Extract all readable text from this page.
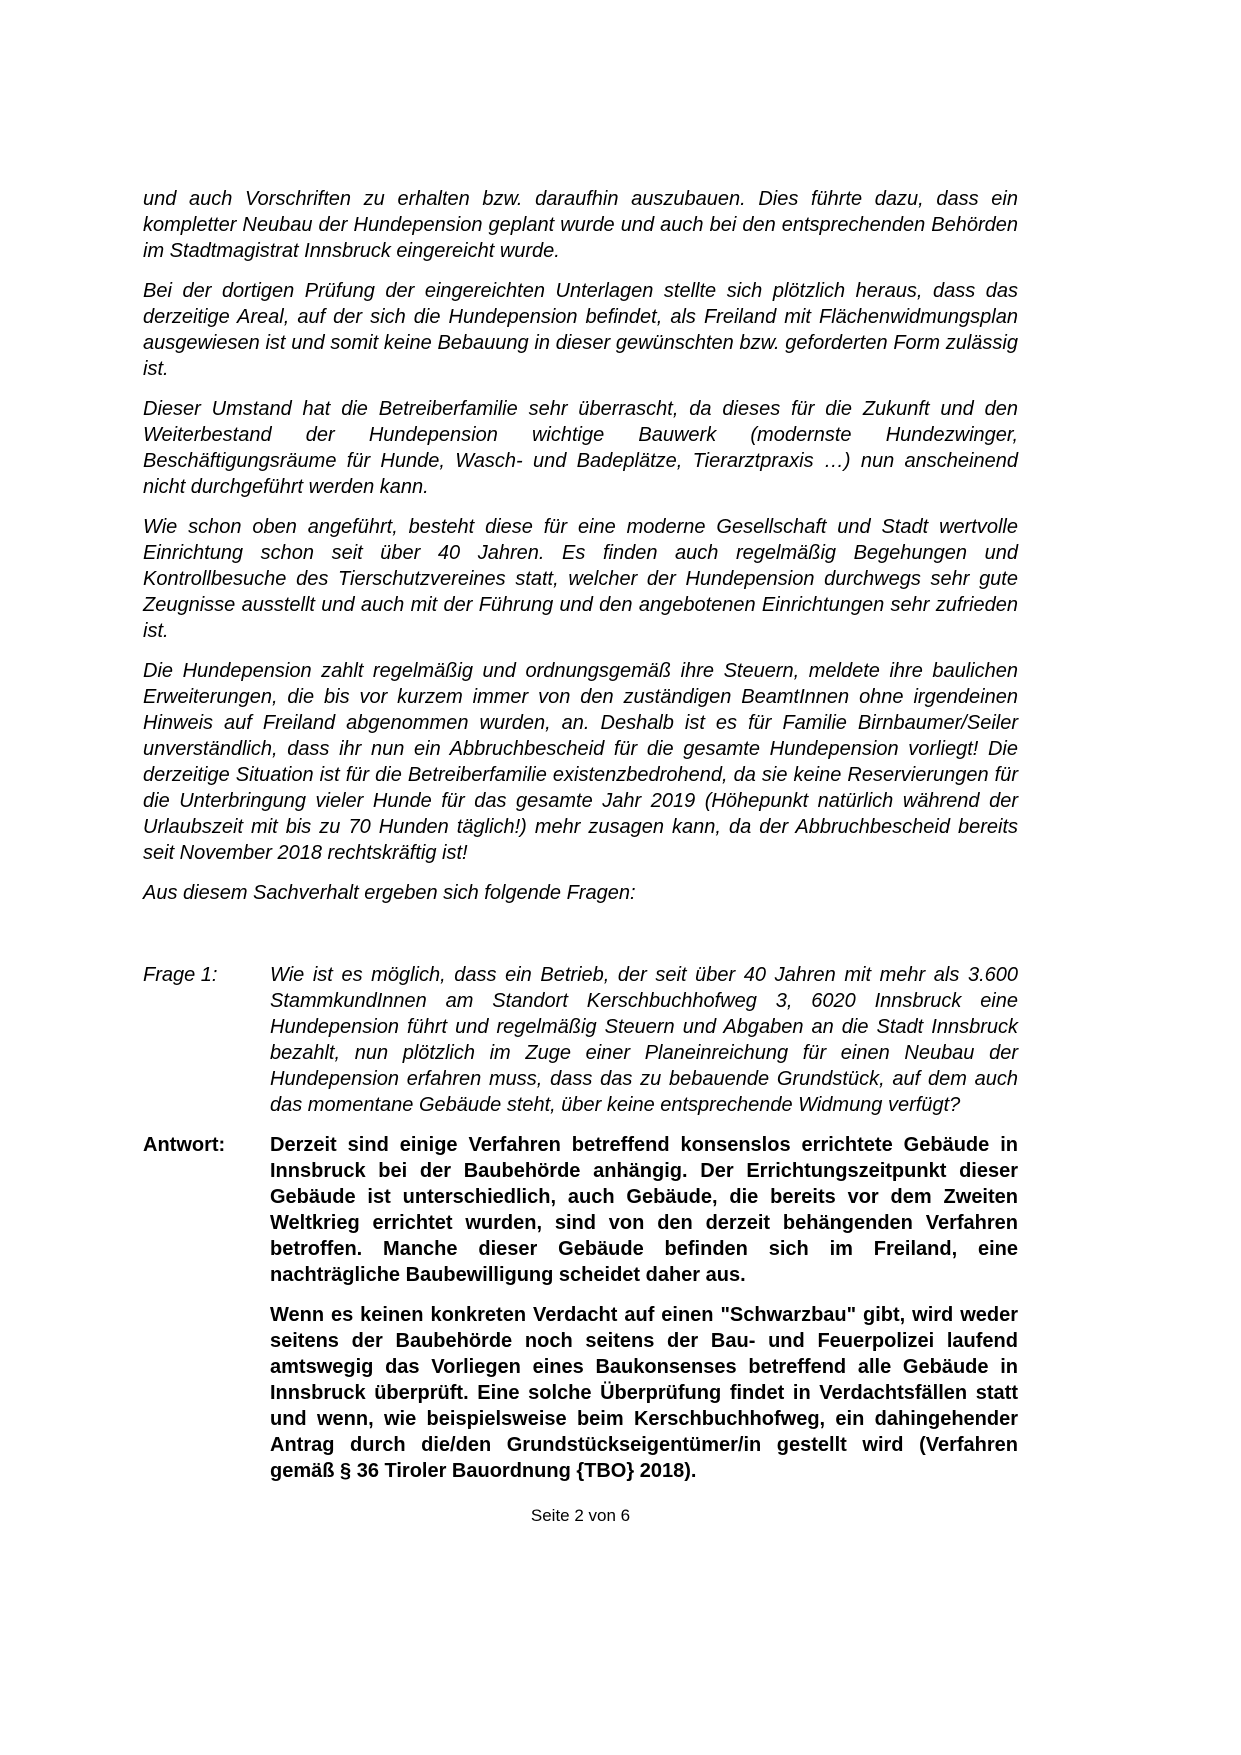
und auch Vorschriften zu erhalten bzw. daraufhin auszubauen. Dies führte dazu, dass ein kompletter Neubau der Hundepension geplant wurde und auch bei den entsprechenden Behörden im Stadtmagistrat Innsbruck eingereicht wurde.

Bei der dortigen Prüfung der eingereichten Unterlagen stellte sich plötzlich heraus, dass das derzeitige Areal, auf der sich die Hundepension befindet, als Freiland mit Flächenwidmungsplan ausgewiesen ist und somit keine Bebauung in dieser gewünschten bzw. geforderten Form zulässig ist.

Dieser Umstand hat die Betreiberfamilie sehr überrascht, da dieses für die Zukunft und den Weiterbestand der Hundepension wichtige Bauwerk (modernste Hundezwinger, Beschäftigungsräume für Hunde, Wasch- und Badeplätze, Tierarztpraxis …) nun anscheinend nicht durchgeführt werden kann.

Wie schon oben angeführt, besteht diese für eine moderne Gesellschaft und Stadt wertvolle Einrichtung schon seit über 40 Jahren. Es finden auch regelmäßig Begehungen und Kontrollbesuche des Tierschutzvereines statt, welcher der Hundepension durchwegs sehr gute Zeugnisse ausstellt und auch mit der Führung und den angebotenen Einrichtungen sehr zufrieden ist.

Die Hundepension zahlt regelmäßig und ordnungsgemäß ihre Steuern, meldete ihre baulichen Erweiterungen, die bis vor kurzem immer von den zuständigen BeamtInnen ohne irgendeinen Hinweis auf Freiland abgenommen wurden, an. Deshalb ist es für Familie Birnbaumer/Seiler unverständlich, dass ihr nun ein Abbruchbescheid für die gesamte Hundepension vorliegt! Die derzeitige Situation ist für die Betreiberfamilie existenzbedrohend, da sie keine Reservierungen für die Unterbringung vieler Hunde für das gesamte Jahr 2019 (Höhepunkt natürlich während der Urlaubszeit mit bis zu 70 Hunden täglich!) mehr zusagen kann, da der Abbruchbescheid bereits seit November 2018 rechtskräftig ist!

Aus diesem Sachverhalt ergeben sich folgende Fragen:

Frage 1:	Wie ist es möglich, dass ein Betrieb, der seit über 40 Jahren mit mehr als 3.600 StammkundInnen am Standort Kerschbuchhofweg 3, 6020 Innsbruck eine Hundepension führt und regelmäßig Steuern und Abgaben an die Stadt Innsbruck bezahlt, nun plötzlich im Zuge einer Planeinreichung für einen Neubau der Hundepension erfahren muss, dass das zu bebauende Grundstück, auf dem auch das momentane Gebäude steht, über keine entsprechende Widmung verfügt?
Antwort:	Derzeit sind einige Verfahren betreffend konsenslos errichtete Gebäude in Innsbruck bei der Baubehörde anhängig. Der Errichtungszeitpunkt dieser Gebäude ist unterschiedlich, auch Gebäude, die bereits vor dem Zweiten Weltkrieg errichtet wurden, sind von den derzeit behängenden Verfahren betroffen. Manche dieser Gebäude befinden sich im Freiland, eine nachträgliche Baubewilligung scheidet daher aus.

Wenn es keinen konkreten Verdacht auf einen "Schwarzbau" gibt, wird weder seitens der Baubehörde noch seitens der Bau- und Feuerpolizei laufend amtswegig das Vorliegen eines Baukonsenses betreffend alle Gebäude in Innsbruck überprüft. Eine solche Überprüfung findet in Verdachtsfällen statt und wenn, wie beispielsweise beim Kerschbuchhofweg, ein dahingehender Antrag durch die/den Grundstückseigentümer/in gestellt wird (Verfahren gemäß § 36 Tiroler Bauordnung {TBO} 2018).

Seite 2 von 6
